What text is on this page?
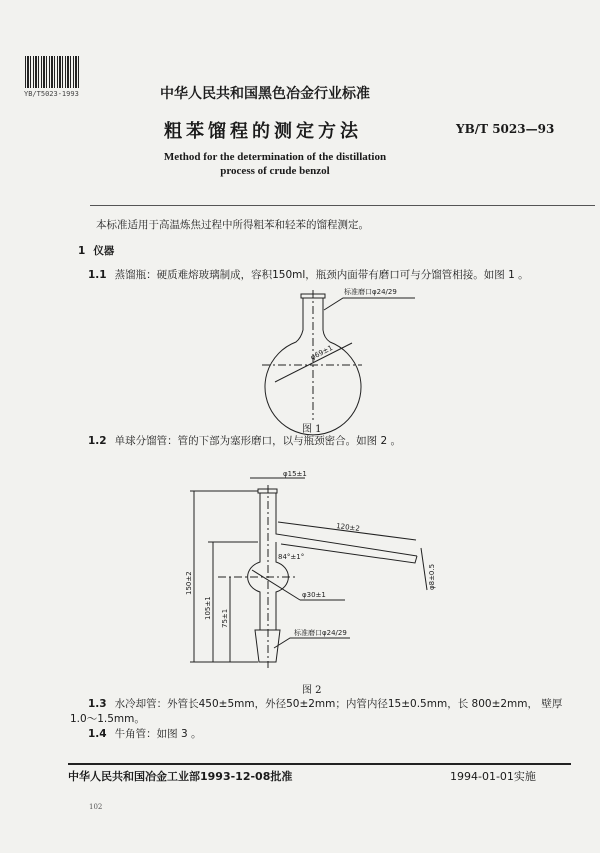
YB/T5023-1993	中华人民共和国黑色冶金行业标准
粗苯馏程的测定方法	YB/T 5023—93
Method for the determination of the distillation
process of crude benzol
本标准适用于高温炼焦过程中所得粗苯和轻苯的馏程测定。
1 仪器
1.1 蒸馏瓶：硬质难熔玻璃制成，容积150ml，瓶颈内面带有磨口可与分馏管相接。如图 1 。
标准磨口φ24/29
φ69±1
图 1
1.2 单球分馏管：管的下部为塞形磨口，以与瓶颈密合。如图 2 。
φ15±1
120±2
84°±1°
φ30±1
φ8±0.5
150±2
105±1 75±1
标准磨口φ24/29
图 2
1.3 水冷却管：外管长450±5mm，外径50±2mm；内管内径15±0.5mm，长 800±2mm， 壁厚
1.0～1.5mm。
1.4 牛角管：如图 3 。
中华人民共和国冶金工业部1993-12-08批准	1994-01-01实施
102
